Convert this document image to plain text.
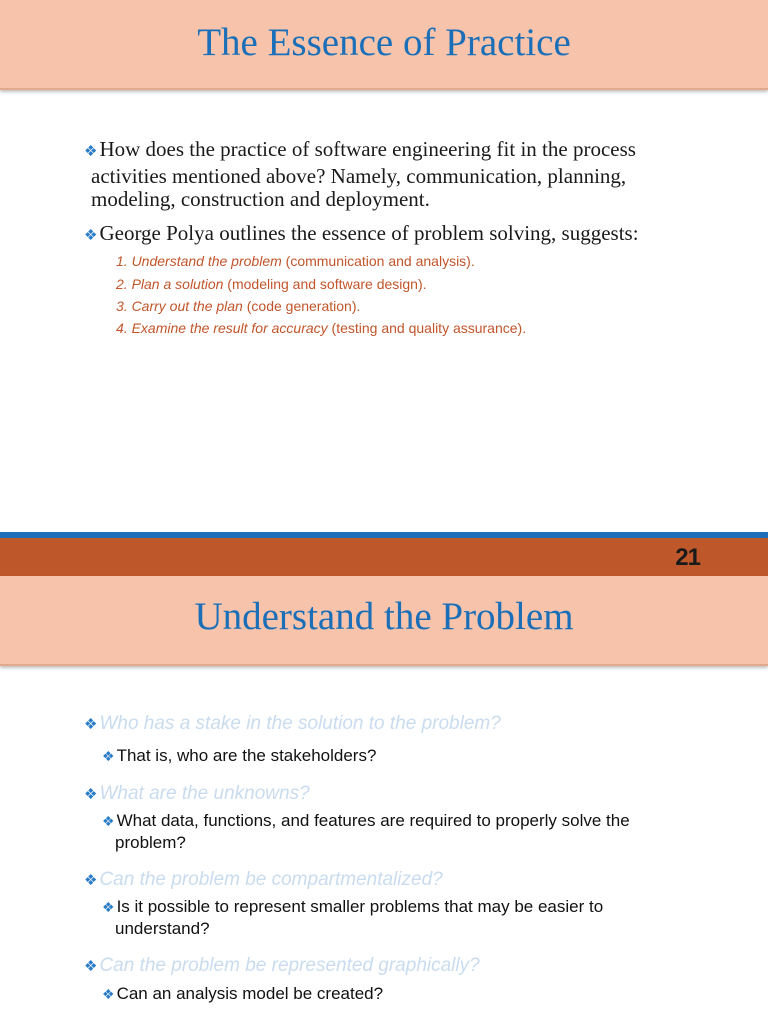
The Essence of Practice
❖How does the practice of software engineering fit in the process
activities mentioned above? Namely, communication, planning,
modeling, construction and deployment.
❖George Polya outlines the essence of problem solving, suggests:
1. Understand the problem (communication and analysis).
2. Plan a solution (modeling and software design).
3. Carry out the plan (code generation).
4. Examine the result for accuracy (testing and quality assurance).
21
Understand the Problem
❖ Who has a stake in the solution to the problem?
❖ That is, who are the stakeholders?
❖ What are the unknowns?
❖ What data, functions, and features are required to properly solve the
problem?
❖ Can the problem be compartmentalized?
❖ Is it possible to represent smaller problems that may be easier to
understand?
❖ Can the problem be represented graphically?
❖ Can an analysis model be created?
